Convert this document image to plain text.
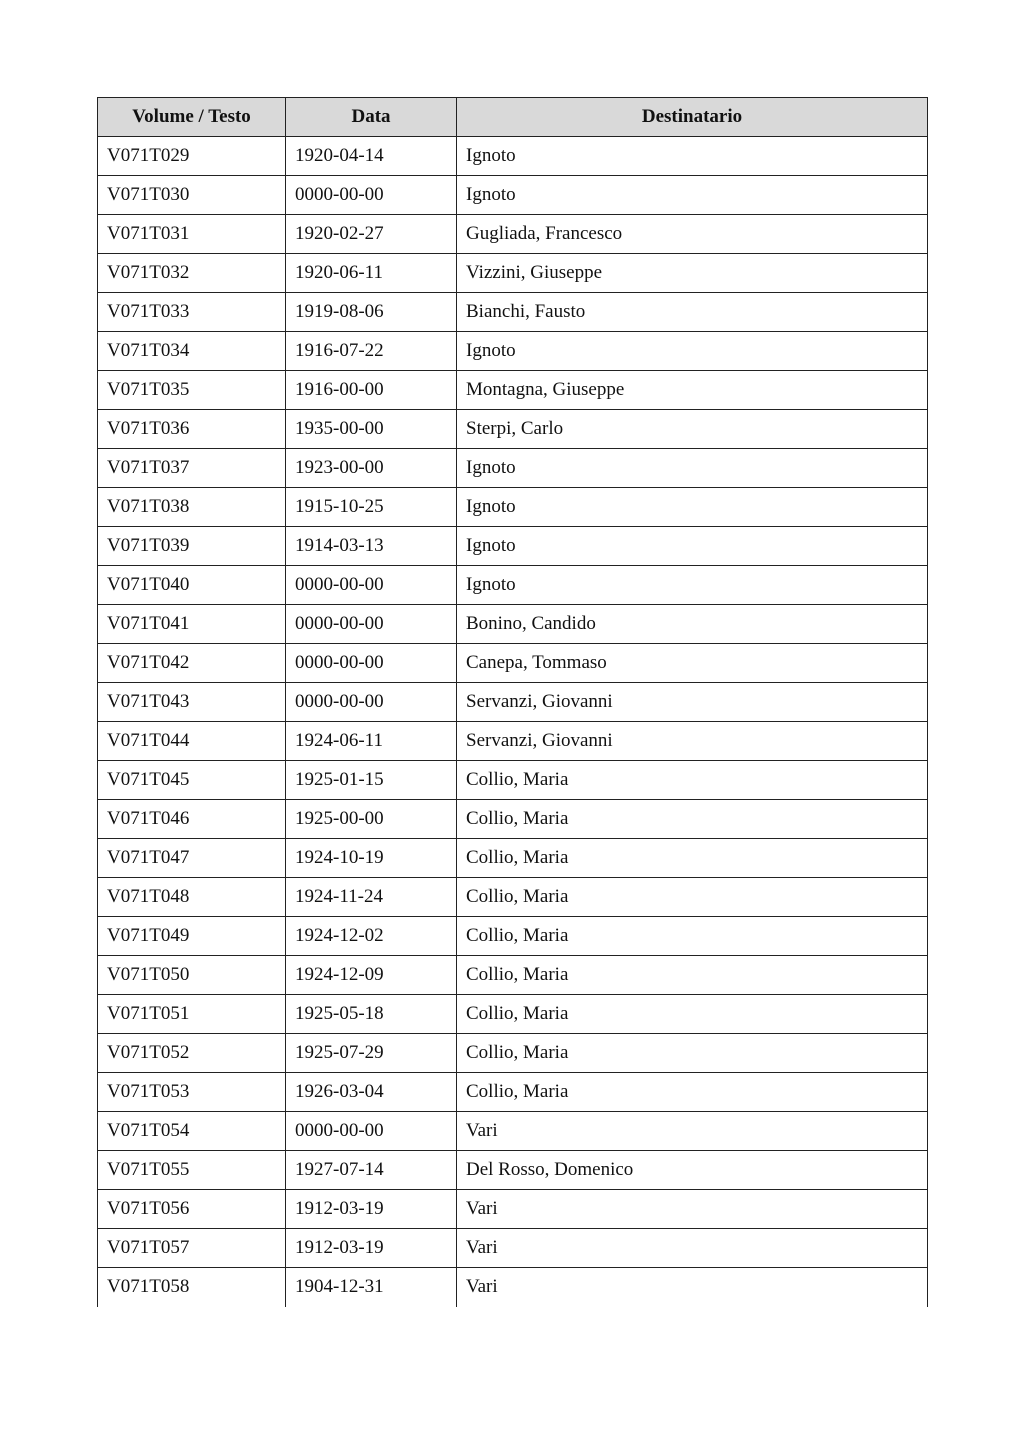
Volume / Testo	Data	Destinatario
V071T029	1920-04-14	Ignoto
V071T030	0000-00-00	Ignoto
V071T031	1920-02-27	Gugliada, Francesco
V071T032	1920-06-11	Vizzini, Giuseppe
V071T033	1919-08-06	Bianchi, Fausto
V071T034	1916-07-22	Ignoto
V071T035	1916-00-00	Montagna, Giuseppe
V071T036	1935-00-00	Sterpi, Carlo
V071T037	1923-00-00	Ignoto
V071T038	1915-10-25	Ignoto
V071T039	1914-03-13	Ignoto
V071T040	0000-00-00	Ignoto
V071T041	0000-00-00	Bonino, Candido
V071T042	0000-00-00	Canepa, Tommaso
V071T043	0000-00-00	Servanzi, Giovanni
V071T044	1924-06-11	Servanzi, Giovanni
V071T045	1925-01-15	Collio, Maria
V071T046	1925-00-00	Collio, Maria
V071T047	1924-10-19	Collio, Maria
V071T048	1924-11-24	Collio, Maria
V071T049	1924-12-02	Collio, Maria
V071T050	1924-12-09	Collio, Maria
V071T051	1925-05-18	Collio, Maria
V071T052	1925-07-29	Collio, Maria
V071T053	1926-03-04	Collio, Maria
V071T054	0000-00-00	Vari
V071T055	1927-07-14	Del Rosso, Domenico
V071T056	1912-03-19	Vari
V071T057	1912-03-19	Vari
V071T058	1904-12-31	Vari
